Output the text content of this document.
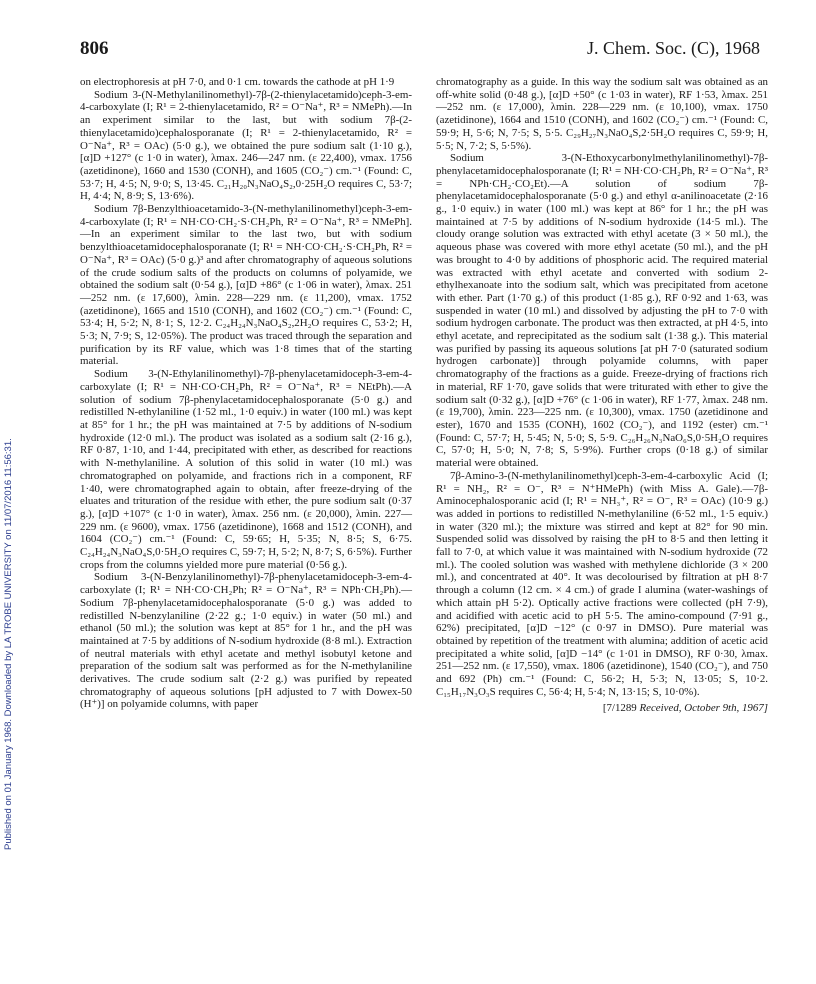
Published on 01 January 1968. Downloaded by LA TROBE UNIVERSITY on 11/07/2016 11:56:31.
806	J. Chem. Soc. (C), 1968

on electrophoresis at pH 7·0, and 0·1 cm. towards the cathode at pH 1·9

Sodium 3-(N-Methylanilinomethyl)-7β-(2-thienylacetamido)ceph-3-em-4-carboxylate (I; R¹ = 2-thienylacetamido, R² = O⁻Na⁺, R³ = NMePh).—In an experiment similar to the last, but with sodium 7β-(2-thienylacetamido)cephalosporanate (I; R¹ = 2-thienylacetamido, R² = O⁻Na⁺, R³ = OAc) (5·0 g.), we obtained the pure sodium salt (1·10 g.), [α]D +127° (c 1·0 in water), λmax. 246—247 nm. (ε 22,400), νmax. 1756 (azetidinone), 1660 and 1530 (CONH), and 1605 (CO₂⁻) cm.⁻¹ (Found: C, 53·7; H, 4·5; N, 9·0; S, 13·45. C₂₁H₂₀N₃NaO₄S₂,0·25H₂O requires C, 53·7; H, 4·4; N, 8·9; S, 13·6%).

Sodium 7β-Benzylthioacetamido-3-(N-methylanilinomethyl)ceph-3-em-4-carboxylate (I; R¹ = NH·CO·CH₂·S·CH₂Ph, R² = O⁻Na⁺, R³ = NMePh].—In an experiment similar to the last two, but with sodium benzylthioacetamidocephalosporanate (I; R¹ = NH·CO·CH₂·S·CH₂Ph, R² = O⁻Na⁺, R³ = OAc) (5·0 g.)³ and after chromatography of aqueous solutions of the crude sodium salts of the products on columns of polyamide, we obtained the sodium salt (0·54 g.), [α]D +86° (c 1·06 in water), λmax. 251—252 nm. (ε 17,600), λmin. 228—229 nm. (ε 11,200), νmax. 1752 (azetidinone), 1665 and 1510 (CONH), and 1602 (CO₂⁻) cm.⁻¹ (Found: C, 53·4; H, 5·2; N, 8·1; S, 12·2. C₂₄H₂₄N₃NaO₄S₂,2H₂O requires C, 53·2; H, 5·3; N, 7·9; S, 12·05%). The product was traced through the separation and purification by its RF value, which was 1·8 times that of the starting material.

Sodium 3-(N-Ethylanilinomethyl)-7β-phenylacetamidoceph-3-em-4-carboxylate (I; R¹ = NH·CO·CH₂Ph, R² = O⁻Na⁺, R³ = NEtPh).—A solution of sodium 7β-phenylacetamidocephalosporanate (5·0 g.) and redistilled N-ethylaniline (1·52 ml., 1·0 equiv.) in water (100 ml.) was kept at 85° for 1 hr.; the pH was maintained at 7·5 by additions of N-sodium hydroxide (12·0 ml.). The product was isolated as a sodium salt (2·16 g.), RF 0·87, 1·10, and 1·44, precipitated with ether, as described for reactions with N-methylaniline. A solution of this solid in water (10 ml.) was chromatographed on polyamide, and fractions rich in a component, RF 1·40, were chromatographed again to obtain, after freeze-drying of the eluates and trituration of the residue with ether, the pure sodium salt (0·37 g.), [α]D +107° (c 1·0 in water), λmax. 256 nm. (ε 20,000), λmin. 227—229 nm. (ε 9600), νmax. 1756 (azetidinone), 1668 and 1512 (CONH), and 1604 (CO₂⁻) cm.⁻¹ (Found: C, 59·65; H, 5·35; N, 8·5; S, 6·75. C₂₄H₂₄N₃NaO₄S,0·5H₂O requires C, 59·7; H, 5·2; N, 8·7; S, 6·5%). Further crops from the columns yielded more pure material (0·56 g.).

Sodium 3-(N-Benzylanilinomethyl)-7β-phenylacetamidoceph-3-em-4-carboxylate (I; R¹ = NH·CO·CH₂Ph; R² = O⁻Na⁺, R³ = NPh·CH₂Ph).—Sodium 7β-phenylacetamidocephalosporanate (5·0 g.) was added to redistilled N-benzylaniline (2·22 g.; 1·0 equiv.) in water (50 ml.) and ethanol (50 ml.); the solution was kept at 85° for 1 hr., and the pH was maintained at 7·5 by additions of N-sodium hydroxide (8·8 ml.). Extraction of neutral materials with ethyl acetate and methyl isobutyl ketone and preparation of the sodium salt was performed as for the N-methylaniline derivatives. The crude sodium salt (2·2 g.) was purified by repeated chromatography of aqueous solutions [pH adjusted to 7 with Dowex-50 (H⁺)] on polyamide columns, with paper

chromatography as a guide. In this way the sodium salt was obtained as an off-white solid (0·48 g.), [α]D +50° (c 1·03 in water), RF 1·53, λmax. 251—252 nm. (ε 17,000), λmin. 228—229 nm. (ε 10,100), νmax. 1750 (azetidinone), 1664 and 1510 (CONH), and 1602 (CO₂⁻) cm.⁻¹ (Found: C, 59·9; H, 5·6; N, 7·5; S, 5·5. C₂₉H₂₇N₃NaO₄S,2·5H₂O requires C, 59·9; H, 5·5; N, 7·2; S, 5·5%).

Sodium 3-(N-Ethoxycarbonylmethylanilinomethyl)-7β-phenylacetamidocephalosporanate (I; R¹ = NH·CO·CH₂Ph, R² = O⁻Na⁺, R³ = NPh·CH₂·CO₂Et).—A solution of sodium 7β-phenylacetamidocephalosporanate (5·0 g.) and ethyl α-anilinoacetate (2·16 g., 1·0 equiv.) in water (100 ml.) was kept at 86° for 1 hr.; the pH was maintained at 7·5 by additions of N-sodium hydroxide (14·5 ml.). The cloudy orange solution was extracted with ethyl acetate (3 × 50 ml.), the aqueous phase was covered with more ethyl acetate (50 ml.), and the pH was brought to 4·0 by additions of phosphoric acid. The required material was extracted with ethyl acetate and converted with sodium 2-ethylhexanoate into the sodium salt, which was precipitated from acetone with ether. Part (1·70 g.) of this product (1·85 g.), RF 0·92 and 1·63, was suspended in water (10 ml.) and dissolved by adjusting the pH to 7·0 with sodium hydrogen carbonate. The product was then extracted, at pH 4·5, into ethyl acetate, and reprecipitated as the sodium salt (1·38 g.). This material was purified by passing its aqueous solutions [at pH 7·0 (saturated sodium hydrogen carbonate)] through polyamide columns, with paper chromatography of the fractions as a guide. Freeze-drying of fractions rich in material, RF 1·70, gave solids that were triturated with ether to give the sodium salt (0·32 g.), [α]D +76° (c 1·06 in water), RF 1·77, λmax. 248 nm. (ε 19,700), λmin. 223—225 nm. (ε 10,300), νmax. 1750 (azetidinone and ester), 1670 and 1535 (CONH), 1602 (CO₂⁻), and 1192 (ester) cm.⁻¹ (Found: C, 57·7; H, 5·45; N, 5·0; S, 5·9. C₂₆H₂₆N₃NaO₆S,0·5H₂O requires C, 57·0; H, 5·0; N, 7·8; S, 5·9%). Further crops (0·18 g.) of similar material were obtained.

7β-Amino-3-(N-methylanilinomethyl)ceph-3-em-4-carboxylic Acid (I; R¹ = NH₂, R² = O⁻, R³ = N⁺HMePh) (with Miss A. Gale).—7β-Aminocephalosporanic acid (I; R¹ = NH₃⁺, R² = O⁻, R³ = OAc) (10·9 g.) was added in portions to redistilled N-methylaniline (6·52 ml., 1·5 equiv.) in water (320 ml.); the mixture was stirred and kept at 82° for 90 min. Suspended solid was dissolved by raising the pH to 8·5 and then letting it fall to 7·0, at which value it was maintained with N-sodium hydroxide (72 ml.). The cooled solution was washed with methylene dichloride (3 × 200 ml.), and concentrated at 40°. It was decolourised by filtration at pH 8·7 through a column (12 cm. × 4 cm.) of grade I alumina (water-washings of which attain pH 5·2). Optically active fractions were collected (pH 7·9), and acidified with acetic acid to pH 5·5. The amino-compound (7·91 g., 62%) precipitated, [α]D −12° (c 0·97 in DMSO). Pure material was obtained by repetition of the treatment with alumina; addition of acetic acid precipitated a white solid, [α]D −14° (c 1·01 in DMSO), RF 0·30, λmax. 251—252 nm. (ε 17,550), νmax. 1806 (azetidinone), 1540 (CO₂⁻), and 750 and 692 (Ph) cm.⁻¹ (Found: C, 56·2; H, 5·3; N, 13·05; S, 10·2. C₁₅H₁₇N₃O₃S requires C, 56·4; H, 5·4; N, 13·15; S, 10·0%).

[7/1289 Received, October 9th, 1967]
